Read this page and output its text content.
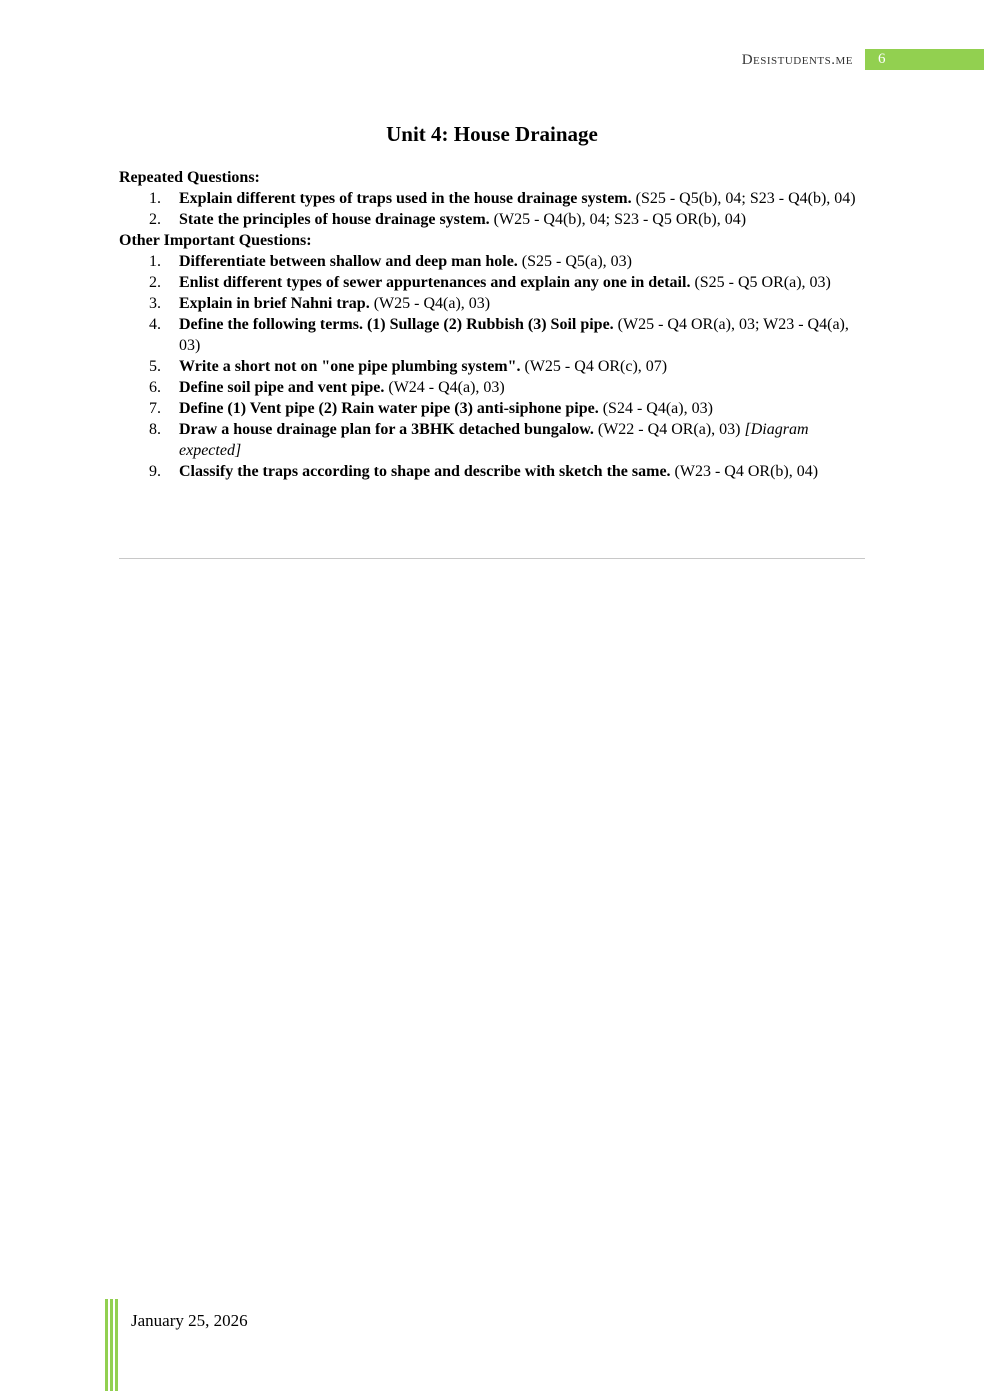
Desistudents.me	6
Unit 4: House Drainage
Repeated Questions:
1. Explain different types of traps used in the house drainage system. (S25 - Q5(b), 04; S23 - Q4(b), 04)
2. State the principles of house drainage system. (W25 - Q4(b), 04; S23 - Q5 OR(b), 04)
Other Important Questions:
1. Differentiate between shallow and deep man hole. (S25 - Q5(a), 03)
2. Enlist different types of sewer appurtenances and explain any one in detail. (S25 - Q5 OR(a), 03)
3. Explain in brief Nahni trap. (W25 - Q4(a), 03)
4. Define the following terms. (1) Sullage (2) Rubbish (3) Soil pipe. (W25 - Q4 OR(a), 03; W23 - Q4(a), 03)
5. Write a short not on "one pipe plumbing system". (W25 - Q4 OR(c), 07)
6. Define soil pipe and vent pipe. (W24 - Q4(a), 03)
7. Define (1) Vent pipe (2) Rain water pipe (3) anti-siphone pipe. (S24 - Q4(a), 03)
8. Draw a house drainage plan for a 3BHK detached bungalow. (W22 - Q4 OR(a), 03) [Diagram expected]
9. Classify the traps according to shape and describe with sketch the same. (W23 - Q4 OR(b), 04)
January 25, 2026
